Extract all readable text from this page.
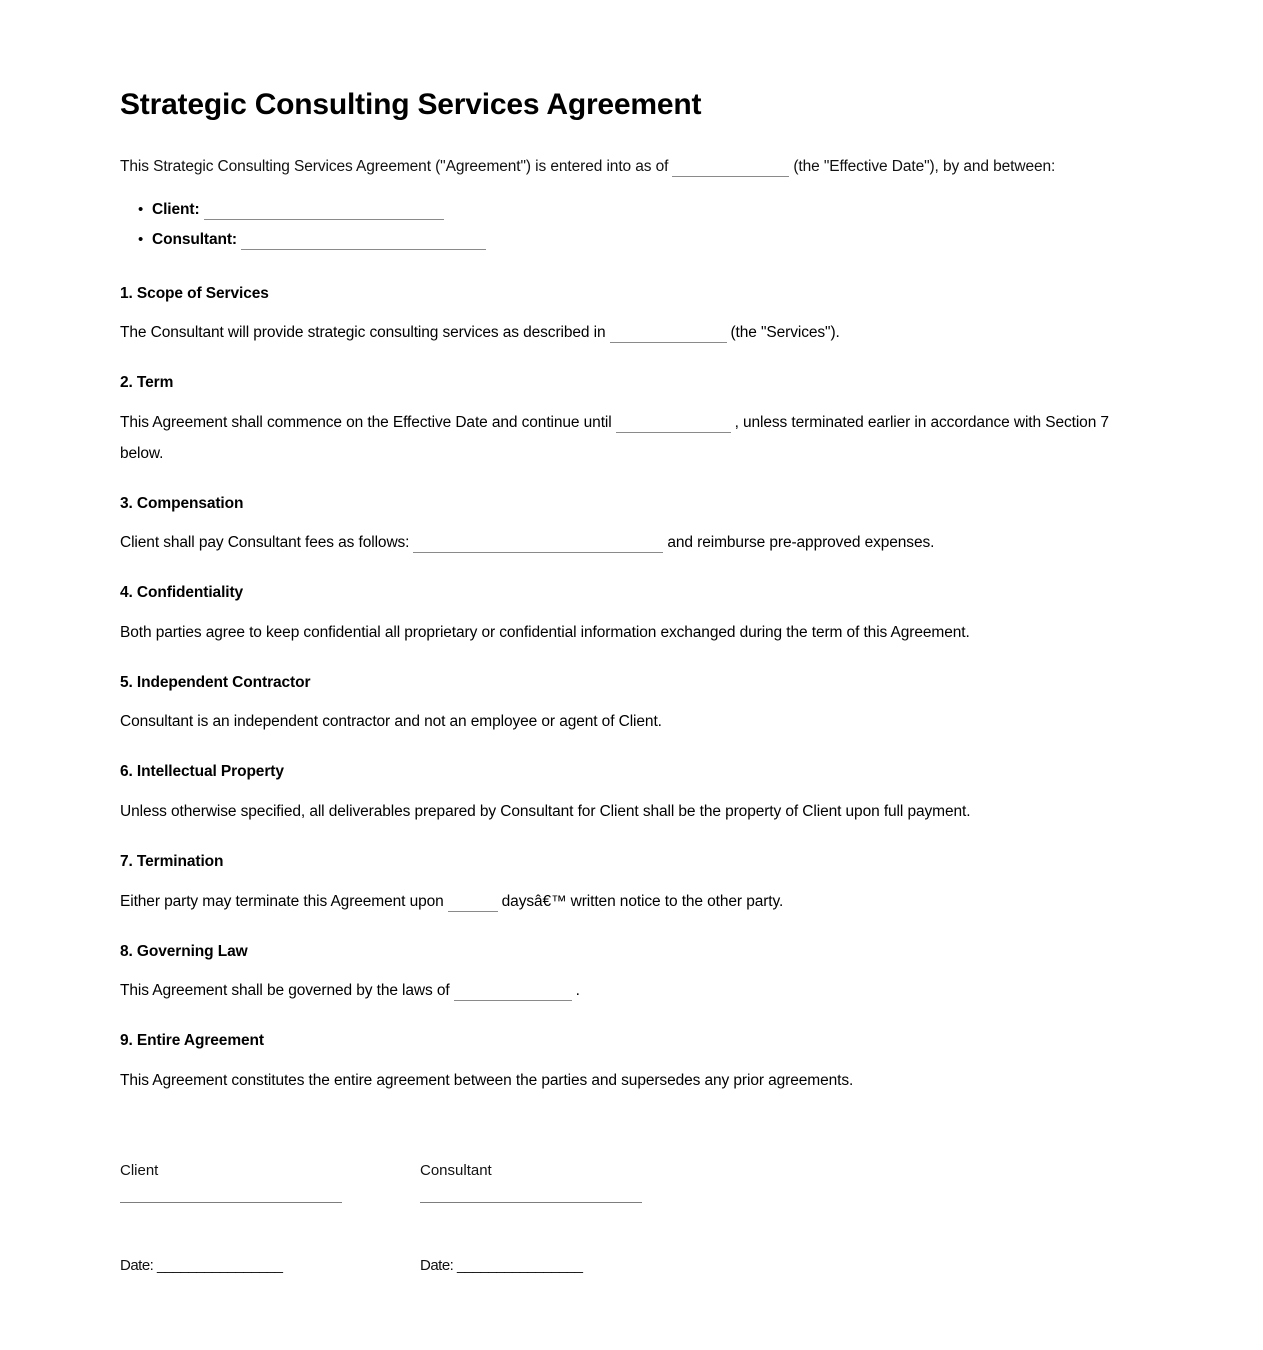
Strategic Consulting Services Agreement

This Strategic Consulting Services Agreement ("Agreement") is entered into as of	(the "Effective Date"), by and between:

• Client:
• Consultant:
1. Scope of Services

The Consultant will provide strategic consulting services as described in	(the "Services").

2. Term

This Agreement shall commence on the Effective Date and continue until	, unless terminated earlier in accordance with Section 7 below.

3. Compensation

Client shall pay Consultant fees as follows:	and reimburse pre-approved expenses.

4. Confidentiality

Both parties agree to keep confidential all proprietary or confidential information exchanged during the term of this Agreement.

5. Independent Contractor

Consultant is an independent contractor and not an employee or agent of Client.

6. Intellectual Property

Unless otherwise specified, all deliverables prepared by Consultant for Client shall be the property of Client upon full payment.

7. Termination

Either party may terminate this Agreement upon	daysâ€™ written notice to the other party.

8. Governing Law

This Agreement shall be governed by the laws of	.

9. Entire Agreement

This Agreement constitutes the entire agreement between the parties and supersedes any prior agreements.

Client	Consultant
Date: ________________	Date: ________________
